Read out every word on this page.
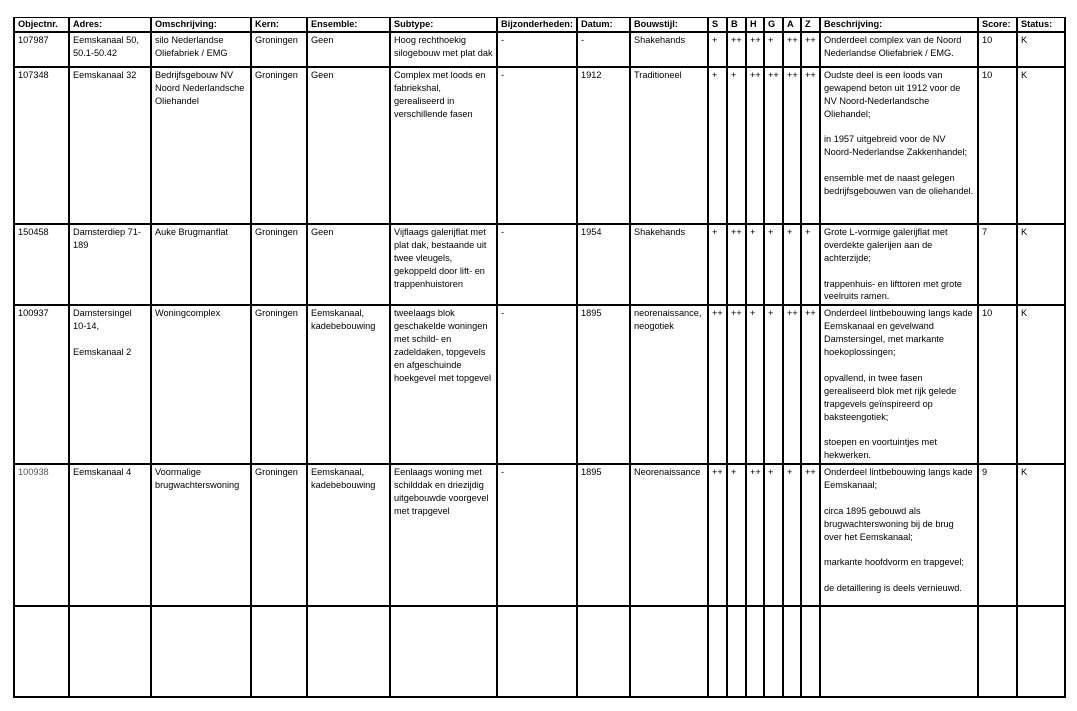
Objectnr.	Adres:	Omschrijving:	Kern:	Ensemble:	Subtype:	Bijzonderheden:	Datum:	Bouwstijl:	S	B	H	G	A	Z	Beschrijving:	Score:	Status:
107987	Eemskanaal 50,
50.1-50.42	silo Nederlandse Oliefabriek / EMG	Groningen	Geen	Hoog rechthoekig silogebouw met plat dak	-	-	Shakehands	+	++	++	+	++	++	Onderdeel complex van de Noord Nederlandse Oliefabriek / EMG.	10	K
107348	Eemskanaal 32	Bedrijfsgebouw NV Noord Nederlandsche Oliehandel	Groningen	Geen	Complex met loods en fabriekshal, gerealiseerd in verschillende fasen	-	1912	Traditioneel	+	+	++	++	++	++	Oudste deel is een loods van gewapend beton uit 1912 voor de NV Noord-Nederlandsche Oliehandel;
in 1957 uitgebreid voor de NV Noord-Nederlandse Zakkenhandel;
ensemble met de naast gelegen bedrijfsgebouwen van de oliehandel.	10	K
150458	Damsterdiep 71-189	Auke Brugmanflat	Groningen	Geen	Vijflaags galerijflat met plat dak, bestaande uit twee vleugels, gekoppeld door lift- en trappenhuistoren	-	1954	Shakehands	+	++	+	+	+	+	Grote L-vormige galerijflat met overdekte galerijen aan de achterzijde;
trappenhuis- en lifttoren met grote veelruits ramen.	7	K
100937	Damstersingel 10-14,

Eemskanaal 2	Woningcomplex	Groningen	Eemskanaal, kadebebouwing	tweelaags blok geschakelde woningen met schild- en zadeldaken, topgevels en afgeschuinde hoekgevel met topgevel	-	1895	neorenaissance, neogotiek	++	++	+	+	++	++	Onderdeel lintbebouwing langs kade Eemskanaal en gevelwand Damstersingel, met markante hoekoplossingen;
opvallend, in twee fasen gerealiseerd blok met rijk gelede trapgevels geïnspireerd op baksteengotiek;
stoepen en voortuintjes met hekwerken.	10	K
100938	Eemskanaal 4	Voormalige brugwachterswoning	Groningen	Eemskanaal, kadebebouwing	Eenlaags woning met schilddak en driezijdig uitgebouwde voorgevel met trapgevel	-	1895	Neorenaissance	++	+	++	+	+	++	Onderdeel lintbebouwing langs kade Eemskanaal;
circa 1895 gebouwd als brugwachterswoning bij de brug over het Eemskanaal;
markante hoofdvorm en trapgevel;
de detaillering is deels vernieuwd.	9	K
